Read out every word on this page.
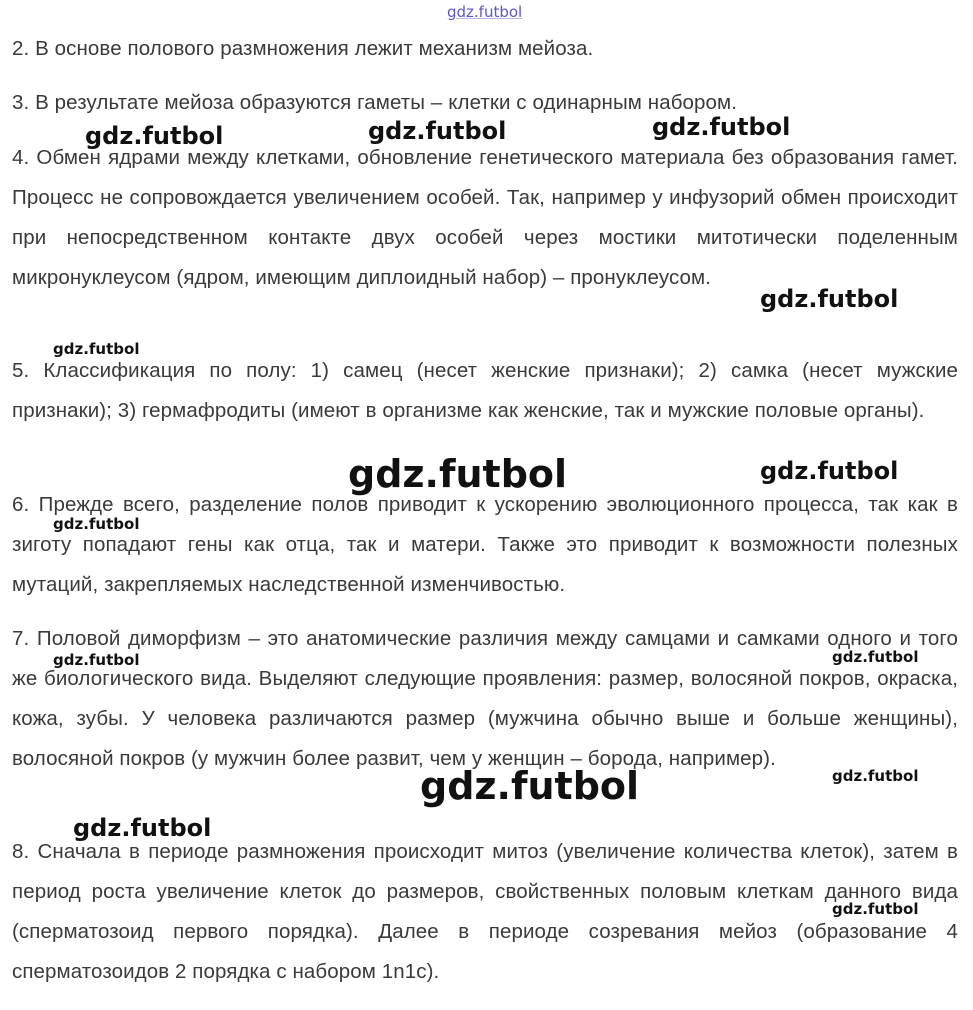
gdz.futbol

2. В основе полового размножения лежит механизм мейоза.

3. В результате мейоза образуются гаметы – клетки с одинарным набором.

4. Обмен ядрами между клетками, обновление генетического материала без образования гамет. Процесс не сопровождается увеличением особей. Так, например у инфузорий обмен происходит при непосредственном контакте двух особей через мостики митотически поделенным микронуклеусом (ядром, имеющим диплоидный набор) – пронуклеусом.

5. Классификация по полу: 1) самец (несет женские признаки); 2) самка (несет мужские признаки); 3) гермафродиты (имеют в организме как женские, так и мужские половые органы).

6. Прежде всего, разделение полов приводит к ускорению эволюционного процесса, так как в зиготу попадают гены как отца, так и матери. Также это приводит к возможности полезных мутаций, закрепляемых наследственной изменчивостью.

7. Половой диморфизм – это анатомические различия между самцами и самками одного и того же биологического вида. Выделяют следующие проявления: размер, волосяной покров, окраска, кожа, зубы. У человека различаются размер (мужчина обычно выше и больше женщины), волосяной покров (у мужчин более развит, чем у женщин – борода, например).

8. Сначала в периоде размножения происходит митоз (увеличение количества клеток), затем в период роста увеличение клеток до размеров, свойственных половым клеткам данного вида (сперматозоид первого порядка). Далее в периоде созревания мейоз (образование 4 сперматозоидов 2 порядка с набором 1n1c).

gdz.futbol	gdz.futbol	gdz.futbol
gdz.futbol
gdz.futbol
gdz.futbol	gdz.futbol
gdz.futbol
gdz.futbol	gdz.futbol
gdz.futbol	gdz.futbol
gdz.futbol
gdz.futbol
